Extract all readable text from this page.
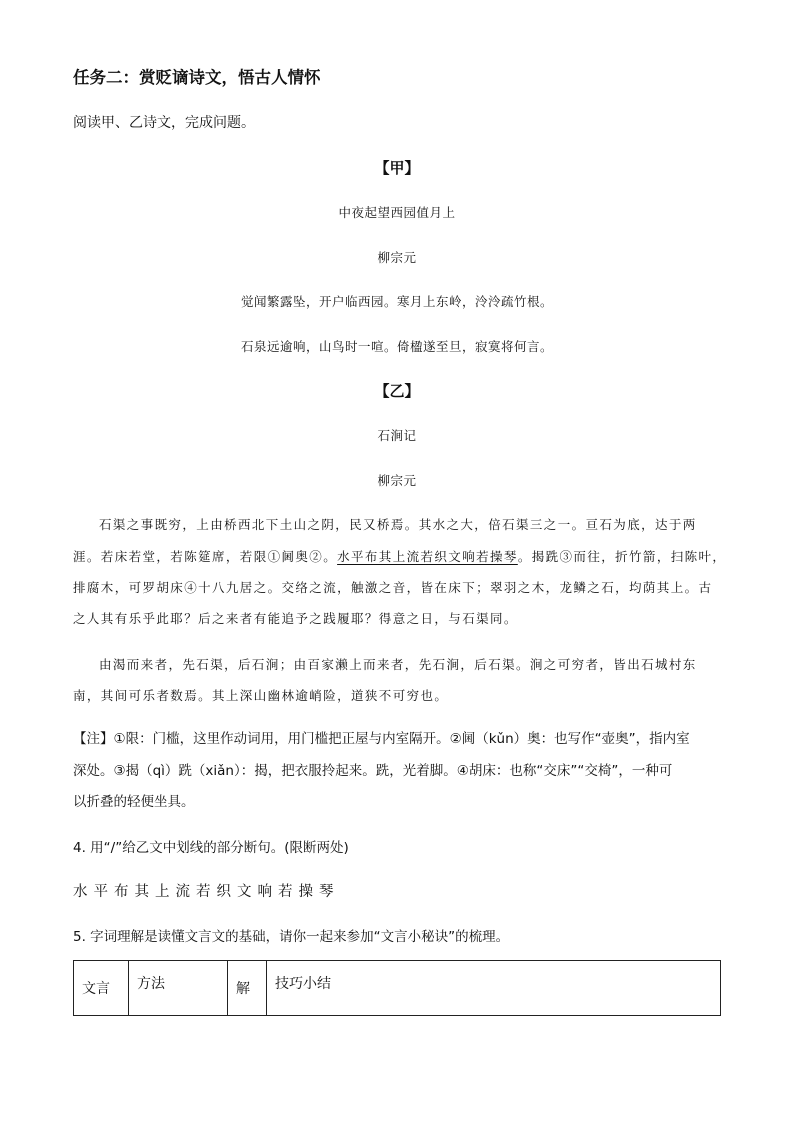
任务二：赏贬谪诗文，悟古人情怀
阅读甲、乙诗文，完成问题。
【甲】
中夜起望西园值月上
柳宗元
觉闻繁露坠，开户临西园。寒月上东岭，泠泠疏竹根。
石泉远逾响，山鸟时一喧。倚楹遂至旦，寂寞将何言。
【乙】
石涧记
柳宗元
石渠之事既穷，上由桥西北下土山之阴，民又桥焉。其水之大，倍石渠三之一。亘石为底，达于两
涯。若床若堂，若陈筵席，若限①阃奥②。水平布其上流若织文响若操琴。揭跣③而往，折竹箭，扫陈叶，
排腐木，可罗胡床④十八九居之。交络之流，触激之音，皆在床下；翠羽之木，龙鳞之石，均荫其上。古
之人其有乐乎此耶？后之来者有能追予之践履耶？得意之日，与石渠同。
由渴而来者，先石渠，后石涧；由百家濑上而来者，先石涧，后石渠。涧之可穷者，皆出石城村东
南，其间可乐者数焉。其上深山幽林逾峭险，道狭不可穷也。
【注】①限：门槛，这里作动词用，用门槛把正屋与内室隔开。②阃（kǔn）奥：也写作“壶奥”，指内室
深处。③揭（qì）跣（xiǎn）：揭，把衣服拎起来。跣，光着脚。④胡床：也称“交床”“交椅”，一种可
以折叠的轻便坐具。
4. 用“/”给乙文中划线的部分断句。(限断两处)
水平布其上流若织文响若操琴
5. 字词理解是读懂文言文的基础，请你一起来参加“文言小秘诀”的梳理。
文言	方法	解	技巧小结
